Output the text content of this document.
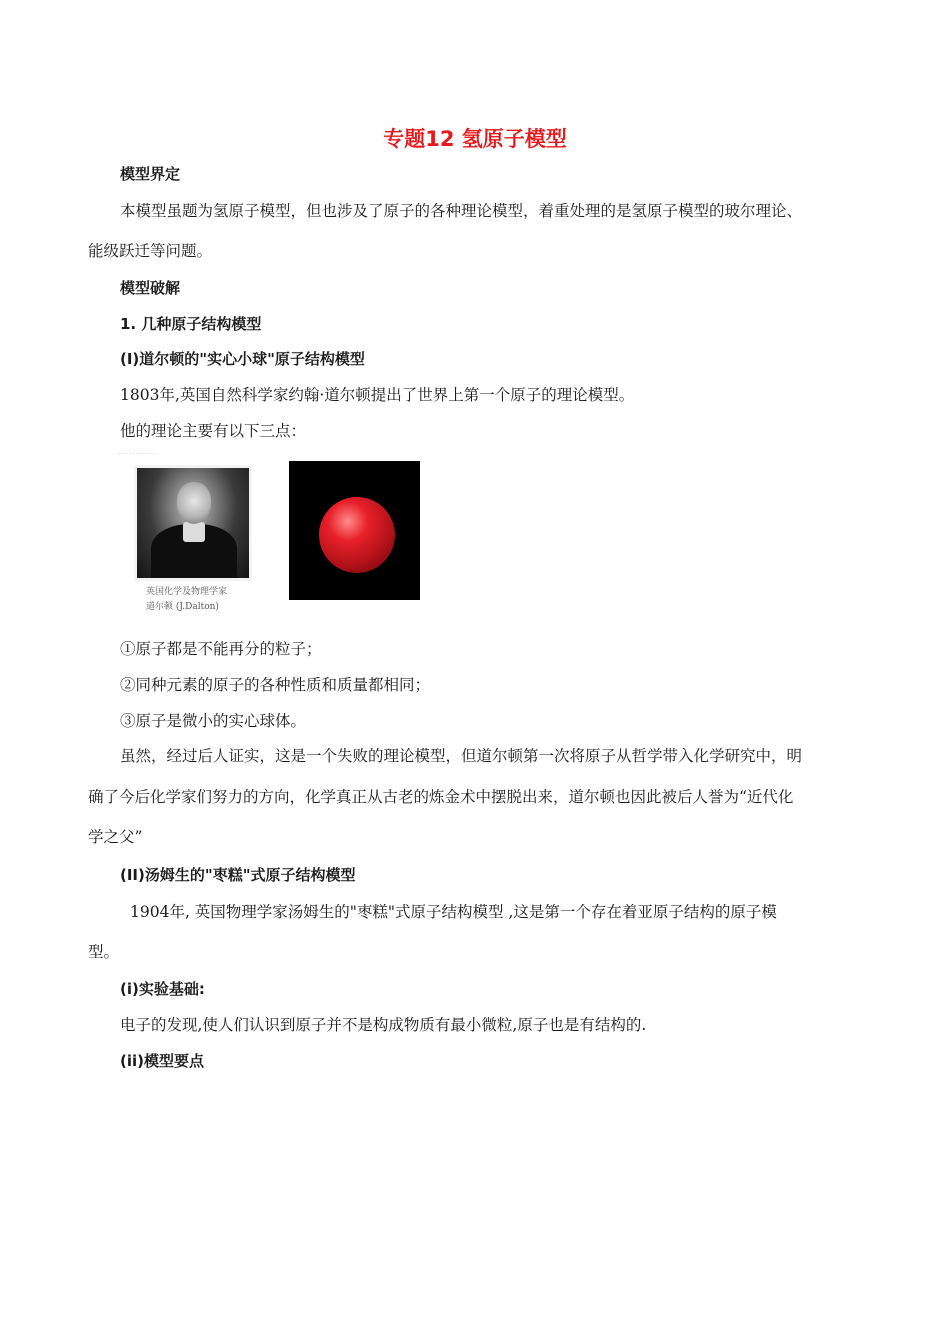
专题12 氢原子模型
模型界定
本模型虽题为氢原子模型，但也涉及了原子的各种理论模型，着重处理的是氢原子模型的玻尔理论、
能级跃迁等问题。
模型破解
1. 几种原子结构模型
(I)道尔顿的"实心小球"原子结构模型
1803年,英国自然科学家约翰·道尔顿提出了世界上第一个原子的理论模型。
他的理论主要有以下三点：
·············
英国化学及物理学家
道尔顿 (J.Dalton)
①原子都是不能再分的粒子；
②同种元素的原子的各种性质和质量都相同；
③原子是微小的实心球体。
虽然，经过后人证实，这是一个失败的理论模型，但道尔顿第一次将原子从哲学带入化学研究中，明
确了今后化学家们努力的方向，化学真正从古老的炼金术中摆脱出来，道尔顿也因此被后人誉为“近代化
学之父”
(II)汤姆生的"枣糕"式原子结构模型
1904年, 英国物理学家汤姆生的"枣糕"式原子结构模型 ,这是第一个存在着亚原子结构的原子模
型。
(i)实验基础:
电子的发现,使人们认识到原子并不是构成物质有最小微粒,原子也是有结构的.
(ii)模型要点
